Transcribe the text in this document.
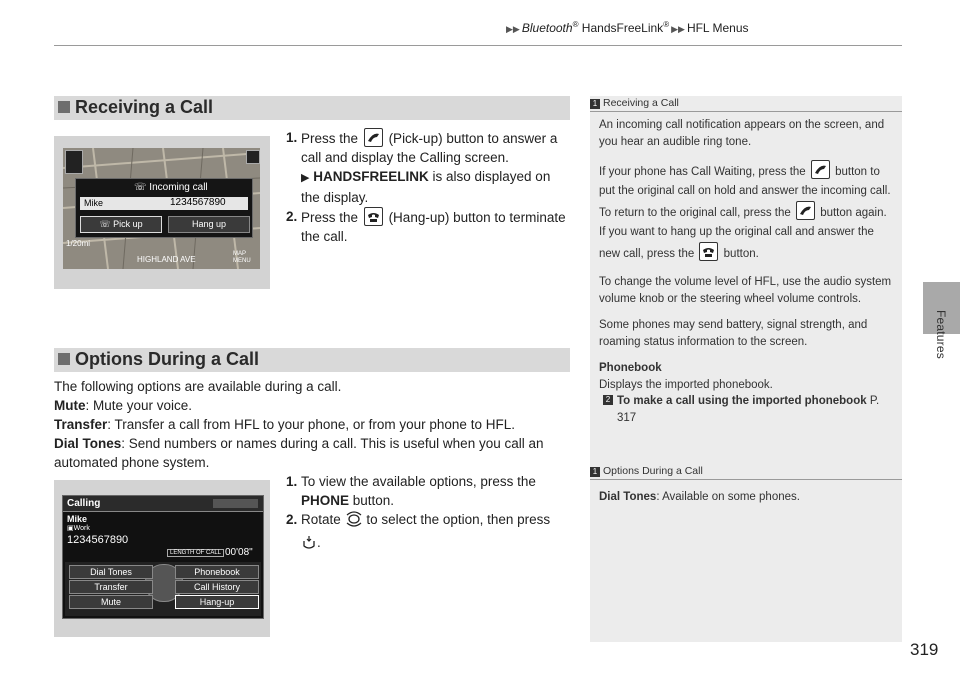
▶▶ Bluetooth® HandsFreeLink® ▶▶ HFL Menus
Features
319
Receiving a Call
☏ Incoming call
Mike	1234567890
☏ Pick up	Hang up
1/20mi
HIGHLAND AVE
MAP MENU
1. Press the (Pick-up) button to answer a call and display the Calling screen.
▶ HANDSFREELINK is also displayed on the display.
2. Press the (Hang-up) button to terminate the call.
Options During a Call
The following options are available during a call.
Mute: Mute your voice.
Transfer: Transfer a call from HFL to your phone, or from your phone to HFL.
Dial Tones: Send numbers or names during a call. This is useful when you call an automated phone system.
Calling
Mike
▣Work
1234567890
LENGTH OF CALL 00'08"
Dial Tones
Transfer
Mute
Phonebook
Call History
Hang-up
1. To view the available options, press the PHONE button.
2. Rotate to select the option, then press
.
1 Receiving a Call
An incoming call notification appears on the screen, and you hear an audible ring tone.
If your phone has Call Waiting, press the	button to put the original call on hold and answer the incoming call. To return to the original call, press the	button again. If you want to hang up the original call and answer the new call, press the	button.
To change the volume level of HFL, use the audio system volume knob or the steering wheel volume controls.
Some phones may send battery, signal strength, and roaming status information to the screen.
Phonebook
Displays the imported phonebook.
2 To make a call using the imported phonebook P. 317
1 Options During a Call
Dial Tones: Available on some phones.
